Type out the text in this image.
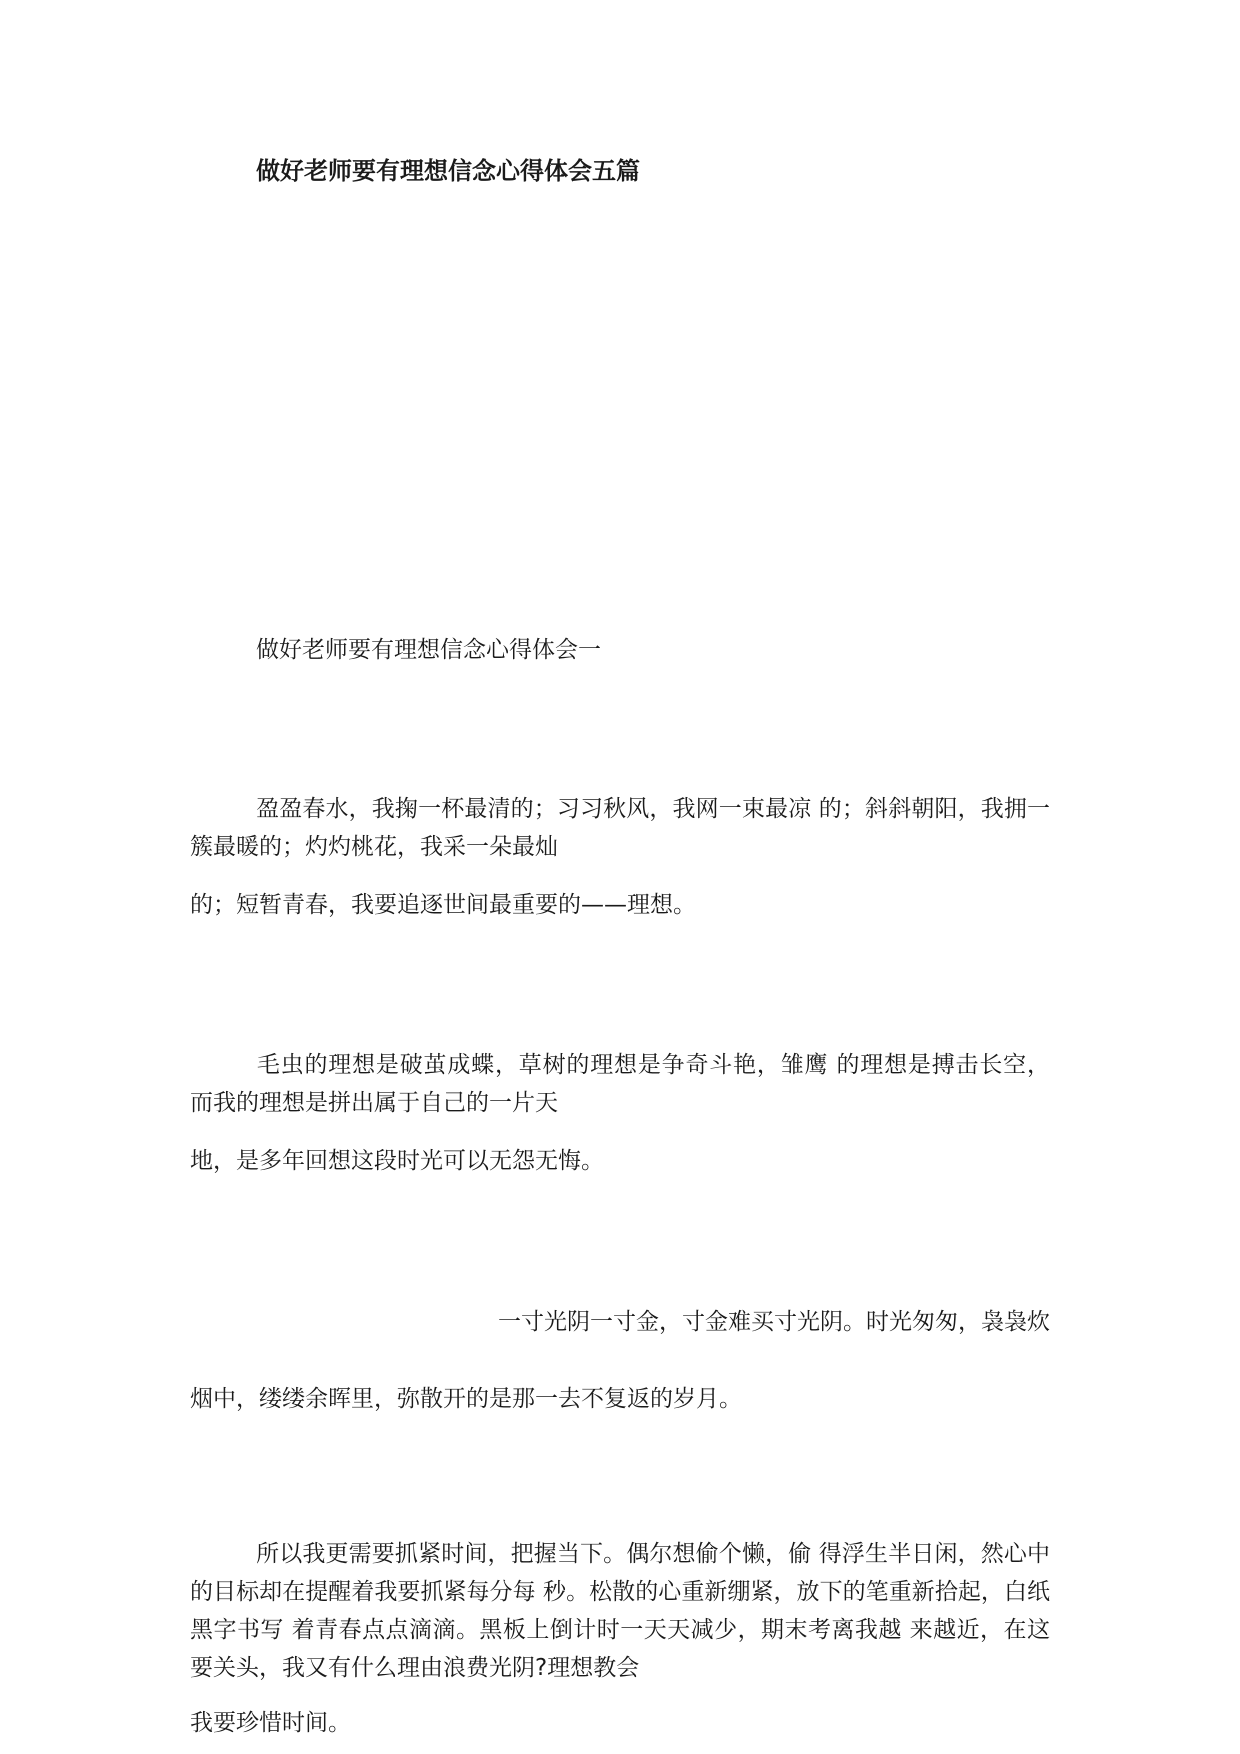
做好老师要有理想信念心得体会五篇
做好老师要有理想信念心得体会一
盈盈春水，我掬一杯最清的；习习秋风，我网一束最凉 的；斜斜朝阳，我拥一簇最暖的；灼灼桃花，我采一朵最灿
的；短暂青春，我要追逐世间最重要的——理想。
毛虫的理想是破茧成蝶，草树的理想是争奇斗艳，雏鹰 的理想是搏击长空， 而我的理想是拼出属于自己的一片天
地，是多年回想这段时光可以无怨无悔。
一寸光阴一寸金，寸金难买寸光阴。时光匆匆，袅袅炊
烟中，缕缕余晖里，弥散开的是那一去不复返的岁月。
所以我更需要抓紧时间，把握当下。偶尔想偷个懒，偷 得浮生半日闲，然心中的目标却在提醒着我要抓紧每分每 秒。松散的心重新绷紧，放下的笔重新拾起，白纸黑字书写 着青春点点滴滴。黑板上倒计时一天天减少，期末考离我越 来越近，在这要关头，我又有什么理由浪费光阴?理想教会
我要珍惜时间。
